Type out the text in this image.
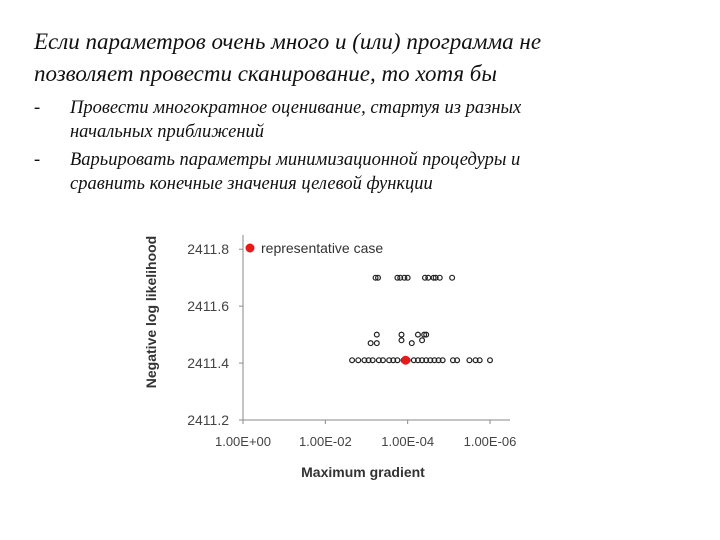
Если параметров очень много и (или) программа не
позволяет провести сканирование, то хотя бы
- Провести многократное оценивание, стартуя из разных
начальных приближений
- Варьировать параметры минимизационной процедуры и
сравнить конечные значения целевой функции
2411.2
2411.4
2411.6
2411.8
1.00E+00 1.00E-02 1.00E-04 1.00E-06
representative case
Maximum gradient
Negative log likelihood
